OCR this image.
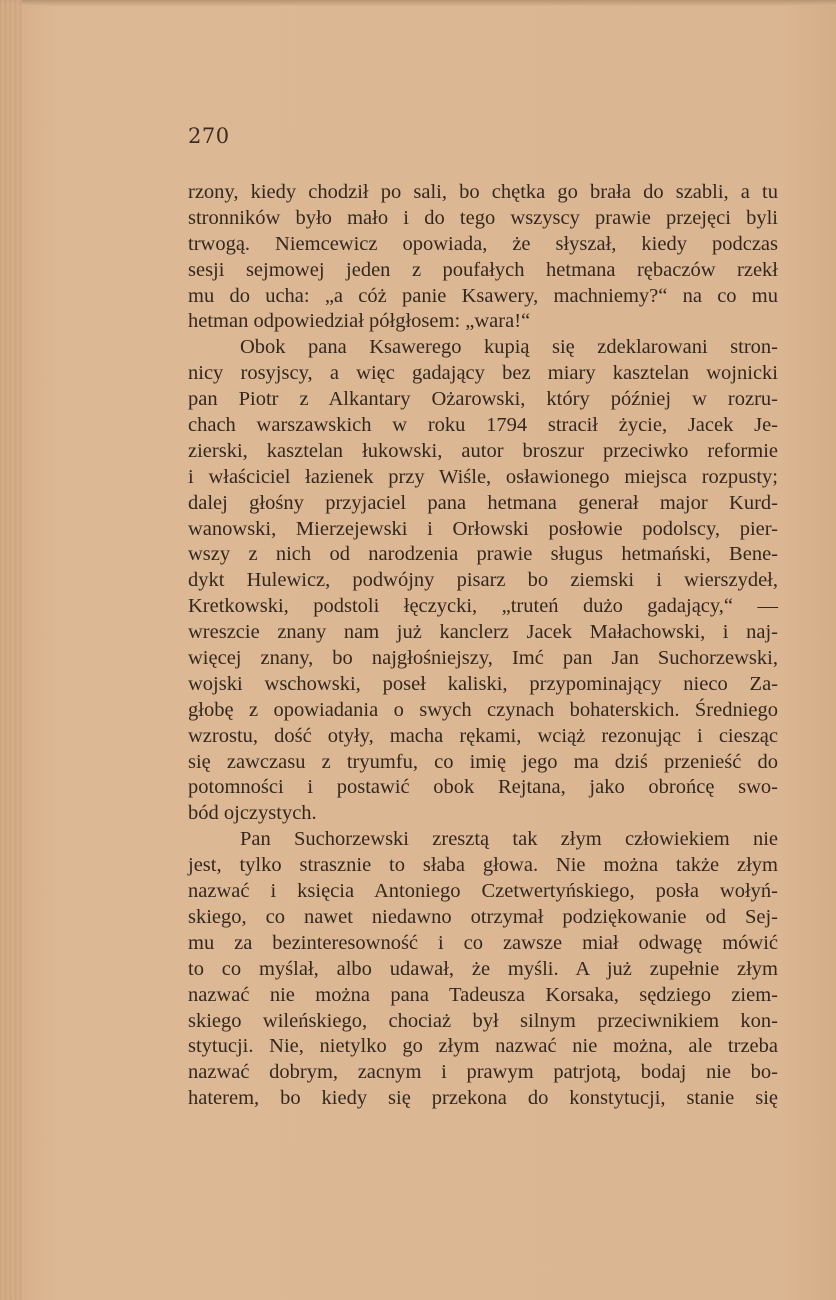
270
rzony, kiedy chodził po sali, bo chętka go brała do szabli, a tu
stronników było mało i do tego wszyscy prawie przejęci byli
trwogą. Niemcewicz opowiada, że słyszał, kiedy podczas
sesji sejmowej jeden z poufałych hetmana rębaczów rzekł
mu do ucha: „a cóż panie Ksawery, machniemy?“ na co mu
hetman odpowiedział półgłosem: „wara!“
Obok pana Ksawerego kupią się zdeklarowani stron-
nicy rosyjscy, a więc gadający bez miary kasztelan wojnicki
pan Piotr z Alkantary Ożarowski, który później w rozru-
chach warszawskich w roku 1794 stracił życie, Jacek Je-
zierski, kasztelan łukowski, autor broszur przeciwko reformie
i właściciel łazienek przy Wiśle, osławionego miejsca rozpusty;
dalej głośny przyjaciel pana hetmana generał major Kurd-
wanowski, Mierzejewski i Orłowski posłowie podolscy, pier-
wszy z nich od narodzenia prawie sługus hetmański, Bene-
dykt Hulewicz, podwójny pisarz bo ziemski i wierszydeł,
Kretkowski, podstoli łęczycki, „truteń dużo gadający,“ —
wreszcie znany nam już kanclerz Jacek Małachowski, i naj-
więcej znany, bo najgłośniejszy, Imć pan Jan Suchorzewski,
wojski wschowski, poseł kaliski, przypominający nieco Za-
głobę z opowiadania o swych czynach bohaterskich. Średniego
wzrostu, dość otyły, macha rękami, wciąż rezonując i ciesząc
się zawczasu z tryumfu, co imię jego ma dziś przenieść do
potomności i postawić obok Rejtana, jako obrońcę swo-
bód ojczystych.
Pan Suchorzewski zresztą tak złym człowiekiem nie
jest, tylko strasznie to słaba głowa. Nie można także złym
nazwać i księcia Antoniego Czetwertyńskiego, posła wołyń-
skiego, co nawet niedawno otrzymał podziękowanie od Sej-
mu za bezinteresowność i co zawsze miał odwagę mówić
to co myślał, albo udawał, że myśli. A już zupełnie złym
nazwać nie można pana Tadeusza Korsaka, sędziego ziem-
skiego wileńskiego, chociaż był silnym przeciwnikiem kon-
stytucji. Nie, nietylko go złym nazwać nie można, ale trzeba
nazwać dobrym, zacnym i prawym patrjotą, bodaj nie bo-
haterem, bo kiedy się przekona do konstytucji, stanie się
